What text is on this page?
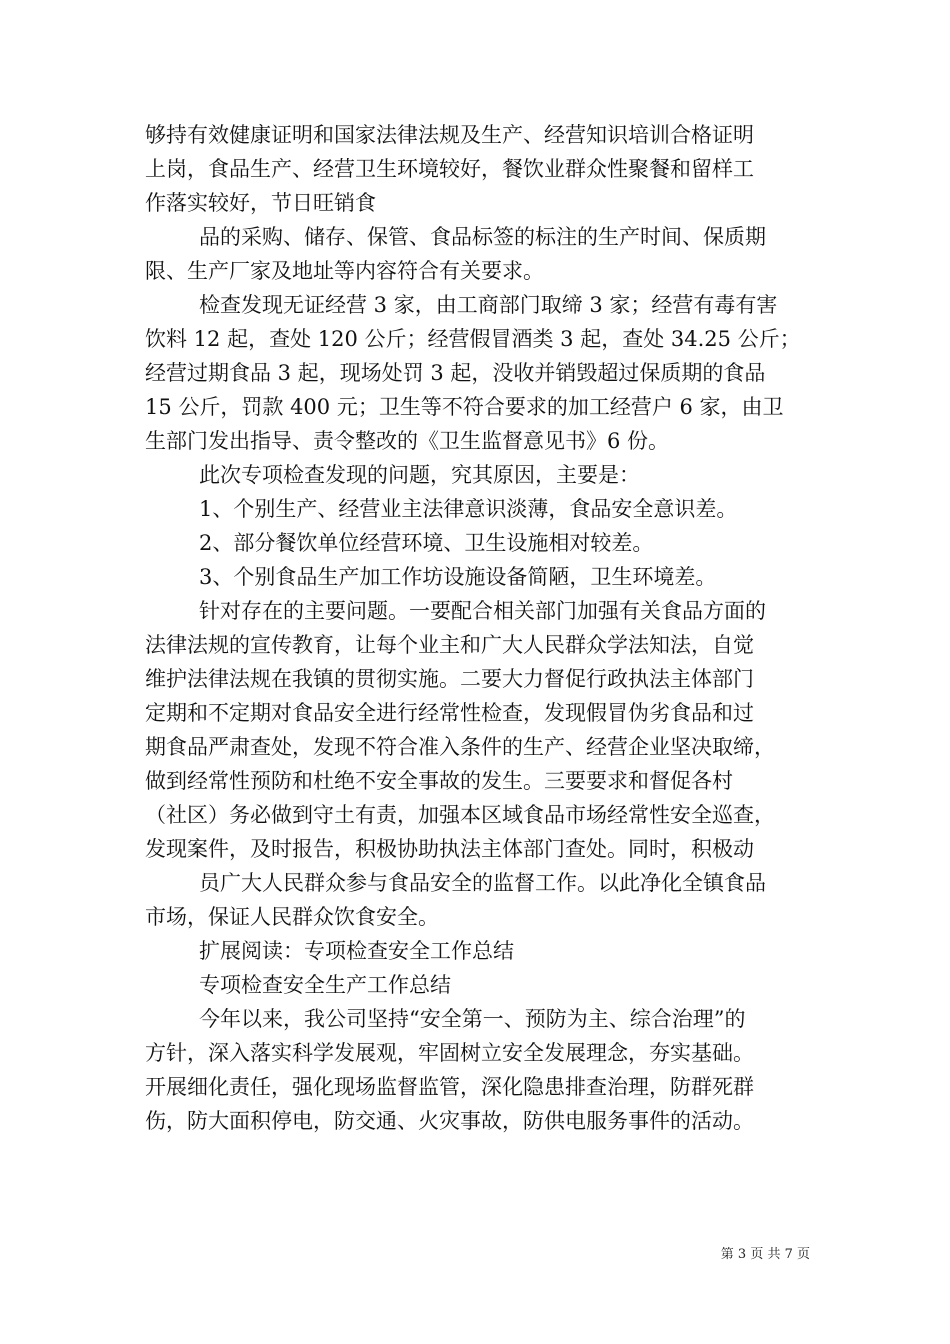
够持有效健康证明和国家法律法规及生产、经营知识培训合格证明
上岗，食品生产、经营卫生环境较好，餐饮业群众性聚餐和留样工
作落实较好，节日旺销食
品的采购、储存、保管、食品标签的标注的生产时间、保质期
限、生产厂家及地址等内容符合有关要求。
检查发现无证经营 3 家，由工商部门取缔 3 家；经营有毒有害
饮料 12 起，查处 120 公斤；经营假冒酒类 3 起，查处 34.25 公斤；
经营过期食品 3 起，现场处罚 3 起，没收并销毁超过保质期的食品
15 公斤，罚款 400 元；卫生等不符合要求的加工经营户 6 家，由卫
生部门发出指导、责令整改的《卫生监督意见书》6 份。
此次专项检查发现的问题，究其原因，主要是：
1、个别生产、经营业主法律意识淡薄，食品安全意识差。
2、部分餐饮单位经营环境、卫生设施相对较差。
3、个别食品生产加工作坊设施设备简陋，卫生环境差。
针对存在的主要问题。一要配合相关部门加强有关食品方面的
法律法规的宣传教育，让每个业主和广大人民群众学法知法，自觉
维护法律法规在我镇的贯彻实施。二要大力督促行政执法主体部门
定期和不定期对食品安全进行经常性检查，发现假冒伪劣食品和过
期食品严肃查处，发现不符合准入条件的生产、经营企业坚决取缔，
做到经常性预防和杜绝不安全事故的发生。三要要求和督促各村
（社区）务必做到守土有责，加强本区域食品市场经常性安全巡查，
发现案件，及时报告，积极协助执法主体部门查处。同时，积极动
员广大人民群众参与食品安全的监督工作。以此净化全镇食品
市场，保证人民群众饮食安全。
扩展阅读：专项检查安全工作总结
专项检查安全生产工作总结
今年以来，我公司坚持“安全第一、预防为主、综合治理”的
方针，深入落实科学发展观，牢固树立安全发展理念，夯实基础。
开展细化责任，强化现场监督监管，深化隐患排查治理，防群死群
伤，防大面积停电，防交通、火灾事故，防供电服务事件的活动。
第 3 页 共 7 页
